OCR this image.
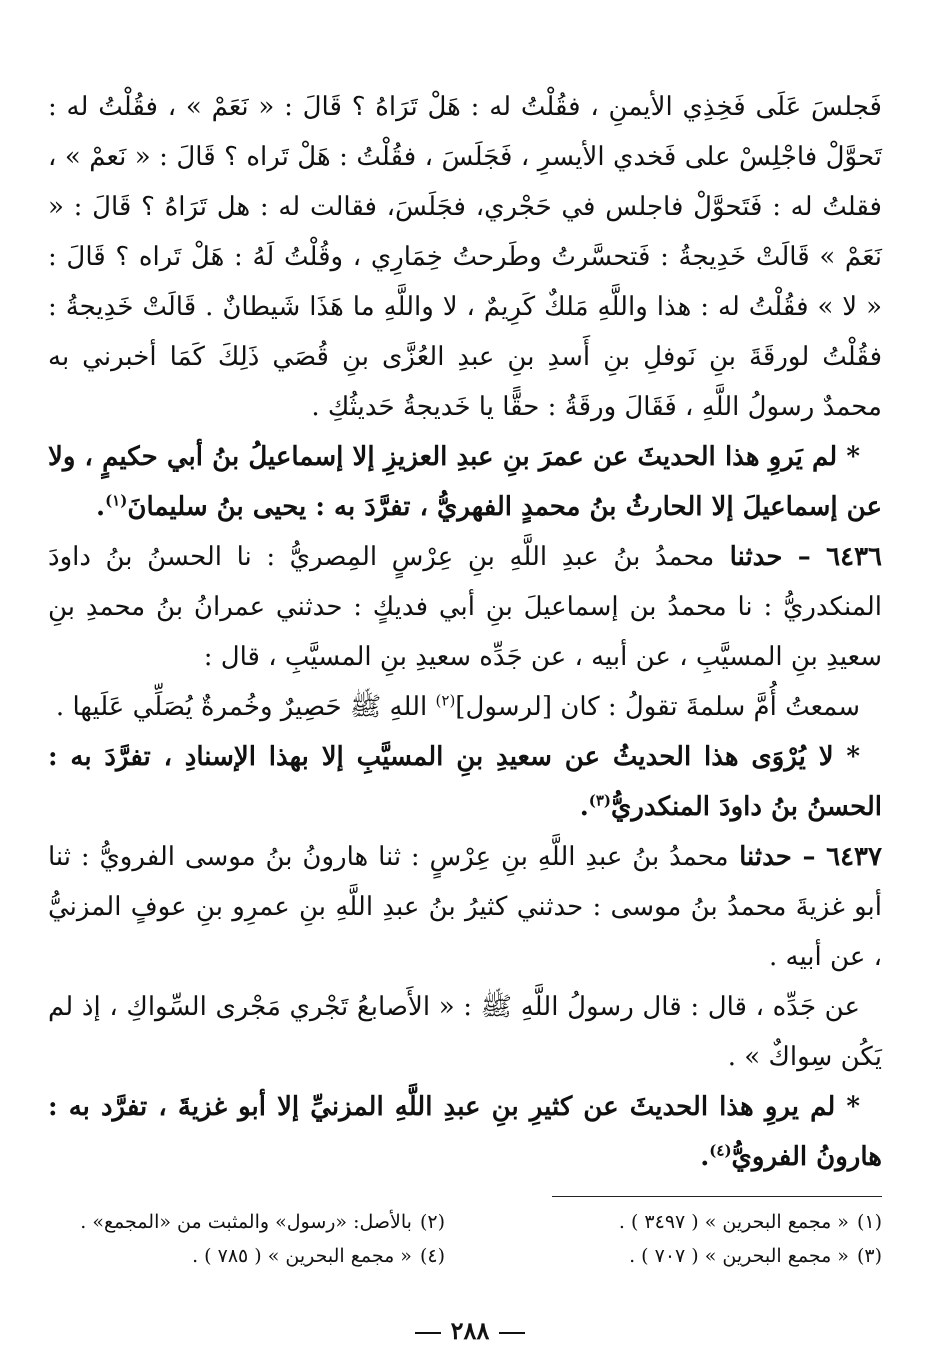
فَجلسَ عَلَى فَخِذِي الأيمنِ ، فقُلْتُ له : هَلْ تَرَاهُ ؟ قَالَ : « نَعَمْ » ، فقُلْتُ له : تَحوَّلْ فاجْلِسْ على فَخدي الأيسرِ ، فَجَلَسَ ، فقُلْتُ : هَلْ تَراه ؟ قَالَ : « نَعمْ » ، فقلتُ له : فَتَحوَّلْ فاجلس في حَجْري، فجَلَسَ، فقالت له : هل تَرَاهُ ؟ قَالَ : « نَعَمْ » قَالَتْ خَدِيجةُ : فَتحسَّرتُ وطَرحتُ خِمَارِي ، وقُلْتُ لَهُ : هَلْ تَراه ؟ قَالَ : « لا » فقُلْتُ له : هذا واللَّهِ مَلكٌ كَرِيمٌ ، لا واللَّهِ ما هَذَا شَيطانٌ . قَالَتْ خَدِيجةُ : فقُلْتُ لورقَةَ بنِ نَوفلِ بنِ أَسدِ بنِ عبدِ العُزَّى بنِ قُصَي ذَلِكَ كَمَا أخبرني به محمدٌ رسولُ اللَّهِ ، فَقَالَ ورقَةُ : حقًّا يا خَديجةُ حَديثُكِ .

* لم يَروِ هذا الحديثَ عن عمرَ بنِ عبدِ العزيزِ إلا إسماعيلُ بنُ أبي حكيمٍ ، ولا عن إسماعيلَ إلا الحارثُ بنُ محمدٍ الفهريُّ ، تفرَّدَ به : يحيى بنُ سليمانَ$^{(١)}$.

٦٤٣٦ – حدثنا محمدُ بنُ عبدِ اللَّهِ بنِ عِرْسٍ المِصريُّ : نا الحسنُ بنُ داودَ المنكدريُّ : نا محمدُ بن إسماعيلَ بنِ أبي فديكٍ : حدثني عمرانُ بنُ محمدِ بنِ سعيدِ بنِ المسيَّبِ ، عن أبيه ، عن جَدِّه سعيدِ بنِ المسيَّبِ ، قال :

سمعتُ أُمَّ سلمةَ تقولُ : كان [لرسول]$^{(٢)}$ اللهِ ﷺ حَصِيرٌ وخُمرةٌ يُصَلِّي عَلَيها .

* لا يُرْوَى هذا الحديثُ عن سعيدِ بنِ المسيَّبِ إلا بهذا الإسنادِ ، تفرَّدَ به : الحسنُ بنُ داودَ المنكدريُّ$^{(٣)}$.

٦٤٣٧ – حدثنا محمدُ بنُ عبدِ اللَّهِ بنِ عِرْسٍ : ثنا هارونُ بنُ موسى الفرويُّ : ثنا أبو غزيةَ محمدُ بنُ موسى : حدثني كثيرُ بنُ عبدِ اللَّهِ بنِ عمرِو بنِ عوفٍ المزنيُّ ، عن أبيه .

عن جَدِّه ، قال : قال رسولُ اللَّهِ ﷺ : « الأَصابعُ تَجْري مَجْرى السِّواكِ ، إذ لم يَكُن سِواكٌ » .

* لم يروِ هذا الحديثَ عن كثيرِ بنِ عبدِ اللَّهِ المزنيِّ إلا أبو غزيةَ ، تفرَّد به : هارونُ الفرويُّ$^{(٤)}$.

(١)
« مجمع البحرين » ( ٣٤٩٧ ) .
(٢)
بالأصل: «رسول» والمثبت من «المجمع» .
(٣)
« مجمع البحرين » ( ٧٠٧ ) .
(٤)
« مجمع البحرين » ( ٧٨٥ ) .
٢٨٨
